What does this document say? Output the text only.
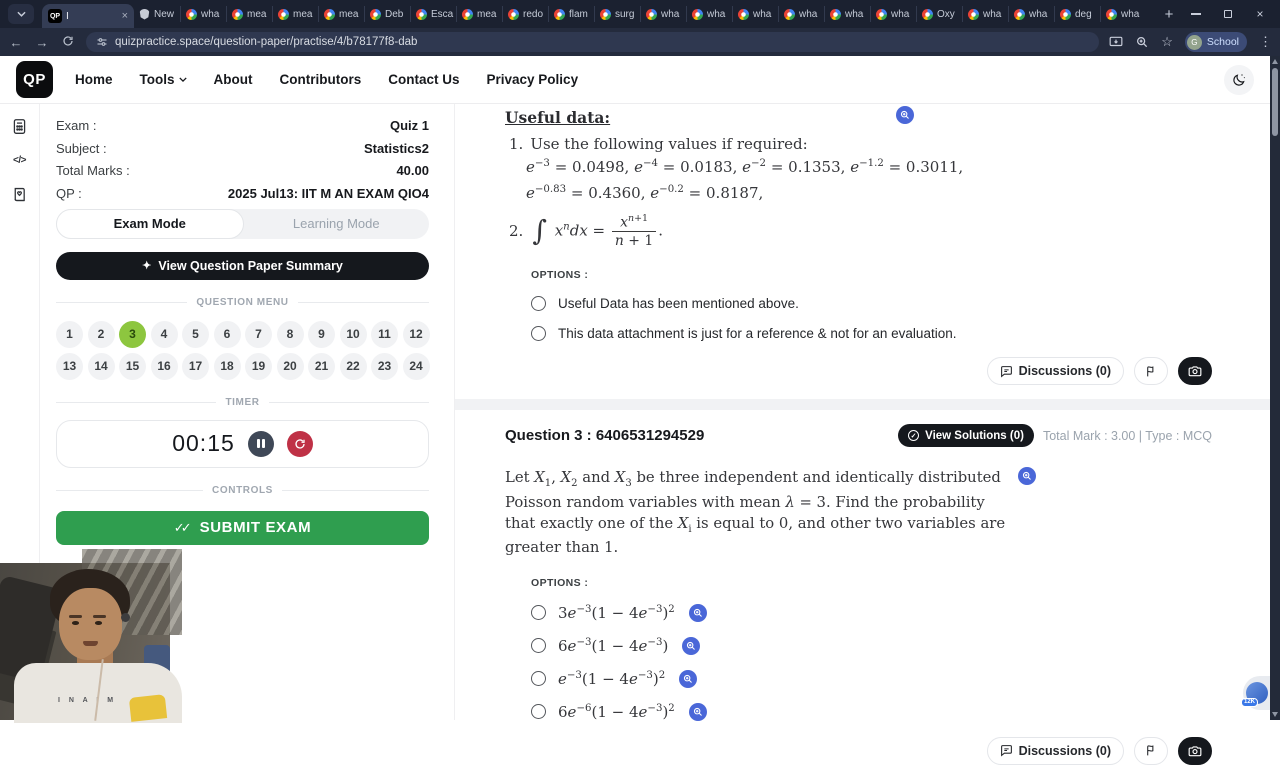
QP I	×	New	wha	mea	mea	mea	Deb	Esca mea	redo	flam	surg	wha	wha	wha	wha	wha	wha	Oxy	wha	wha	deg	wha	+	×
← →	quizpractice.space/question-paper/practise/4/b78177f8-dab	☆	G School ⋮
QP	Home Tools	About Contributors Contact Us Privacy Policy
</>
Exam :	Quiz 1
Subject :	Statistics2
Total Marks :	40.00
QP :	2025 Jul13: IIT M AN EXAM QIO4
Exam Mode	Learning Mode
✦ View Question Paper Summary
QUESTION MENU
1	2	3	4	5	6	7	8	9	10	11	12
13	14	15	16	17	18	19	20	21	22	23	24
TIMER
00:15
CONTROLS
✓✓ SUBMIT EXAM
Useful data:
1. Use the following values if required:
$e^{-3} = 0.0498$, $e^{-4} = 0.0183$, $e^{-2} = 0.1353$, $e^{-1.2} = 0.3011$,
$e^{-0.83} = 0.4360$, $e^{-0.2} = 0.8187$,
2. ∫ $x^ndx = \frac{x^{n+1}}{n + 1}$ .
OPTIONS :
Useful Data has been mentioned above.
This data attachment is just for a reference & not for an evaluation.
Discussions (0)
Question 3 : 6406531294529	✓ View Solutions (0) Total Mark : 3.00 | Type : MCQ
Let $X_1$, $X_2$ and $X_3$ be three independent and identically distributed Poisson random variables with mean λ = 3. Find the probability that exactly one of the $X_i$ is equal to 0, and other two variables are greater than 1.
OPTIONS :
$3e^{-3}(1 - 4e^{-3})^2$
$6e^{-3}(1 - 4e^{-3})$
$e^{-3}(1 - 4e^{-3})^2$
$6e^{-6}(1 - 4e^{-3})^2$
Discussions (0)
I N A I M	12K
